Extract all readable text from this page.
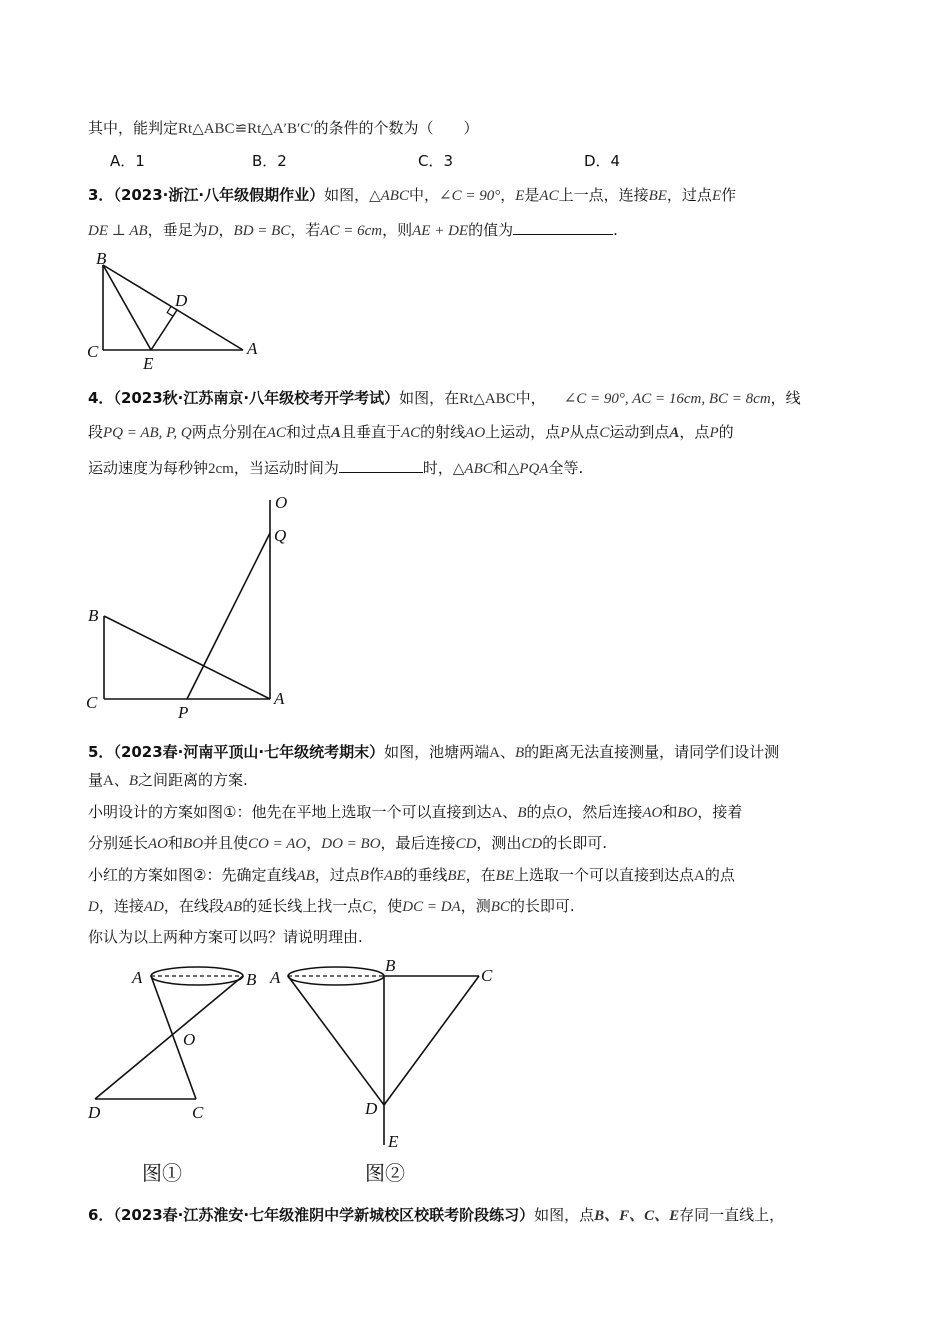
其中，能判定Rt△ABC≌Rt△A′B′C′的条件的个数为（　　）
A．1	B．2	C．3	D．4
3．（2023·浙江·八年级假期作业）如图，△ABC中，∠C = 90°，E是AC上一点，连接BE，过点E作
DE ⊥ AB，垂足为D，BD = BC，若AC = 6cm，则AE + DE的值为	.
B
C
D
E
A
4．（2023秋·江苏南京·八年级校考开学考试）如图，在Rt△ABC中， ∠C = 90°, AC = 16cm, BC = 8cm，线
段PQ = AB, P, Q两点分别在AC和过点A且垂直于AC的射线AO上运动，点P从点C运动到点A，点P的
运动速度为每秒钟2cm，当运动时间为	时，△ABC和△PQA全等.
O
Q
B
C
P
A
5．（2023春·河南平顶山·七年级统考期末）如图，池塘两端A、B的距离无法直接测量，请同学们设计测
量A、B之间距离的方案.
小明设计的方案如图①：他先在平地上选取一个可以直接到达A、B的点O，然后连接AO和BO，接着
分别延长AO和BO并且使CO = AO，DO = BO，最后连接CD，测出CD的长即可.
小红的方案如图②：先确定直线AB，过点B作AB的垂线BE，在BE上选取一个可以直接到达点A的点
D，连接AD，在线段AB的延长线上找一点C，使DC = DA，测BC的长即可.
你认为以上两种方案可以吗？请说明理由.
A	B
O
D	C
图①
A
B
C
D
E
图②
6．（2023春·江苏淮安·七年级淮阴中学新城校区校联考阶段练习）如图，点B、F、C、E存同一直线上，
